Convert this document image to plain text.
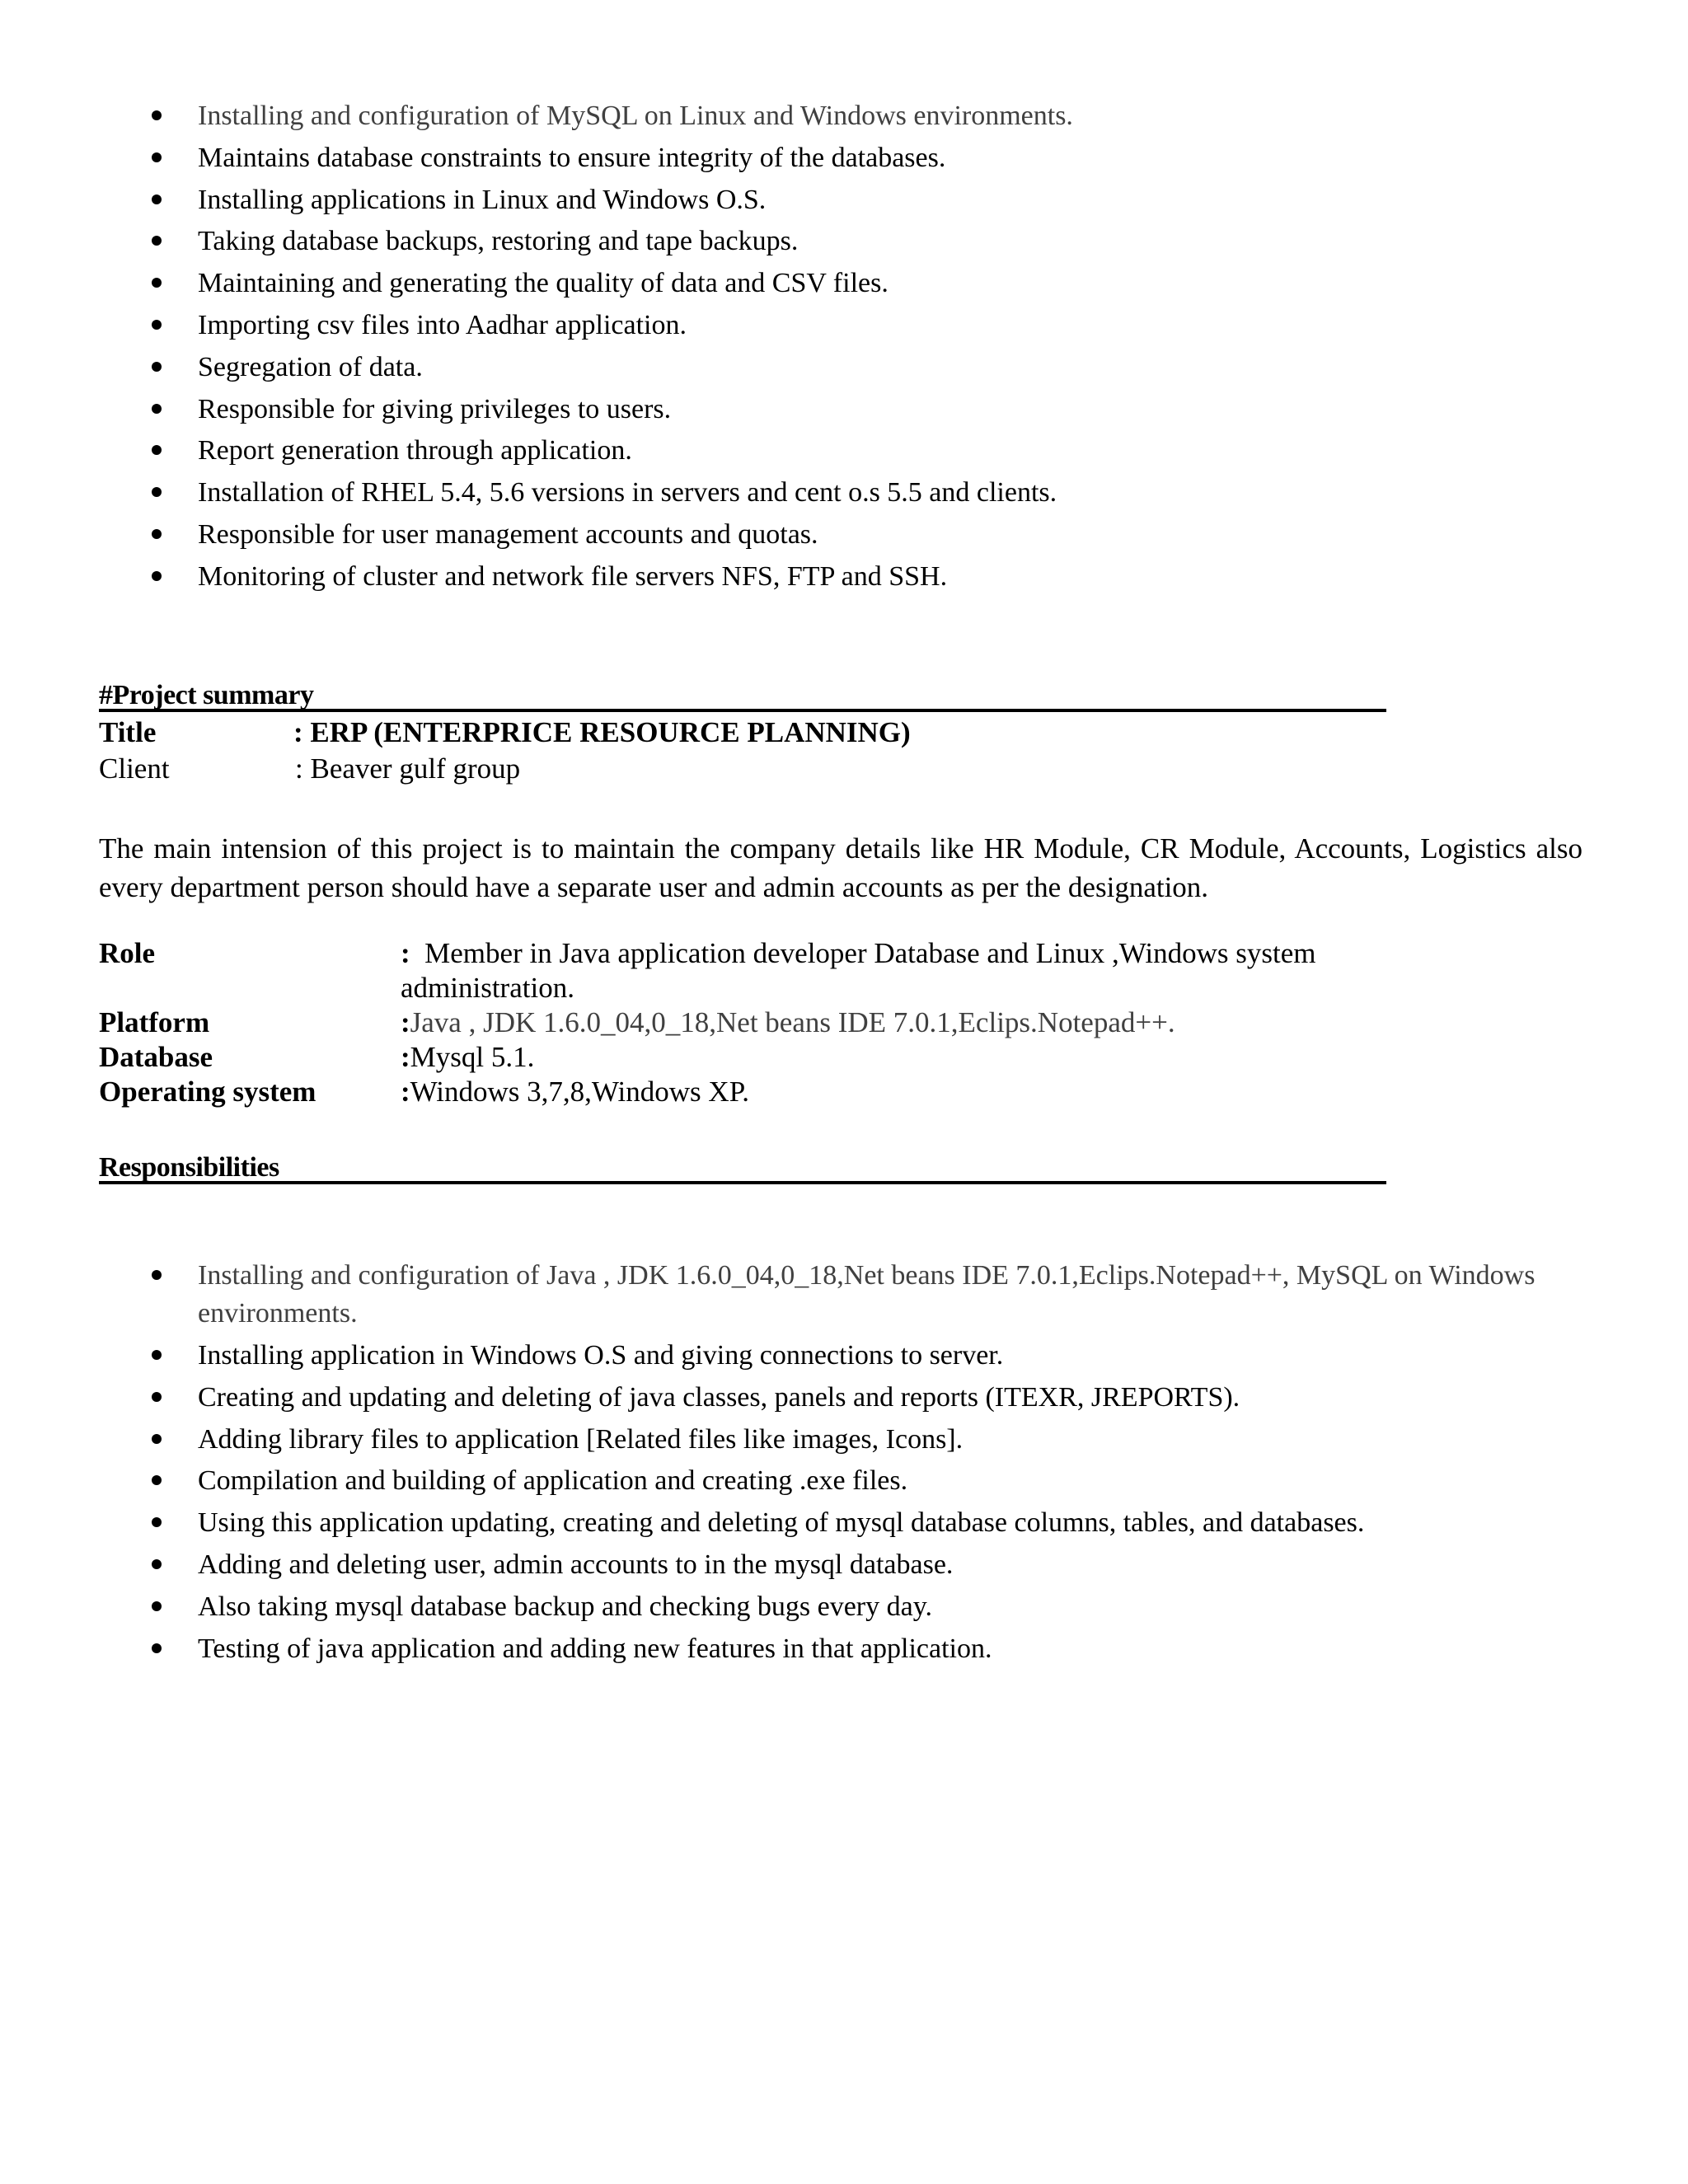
Installing and configuration of MySQL on Linux and Windows environments.
Maintains database constraints to ensure integrity of the databases.
Installing applications in Linux and Windows O.S.
Taking database backups, restoring and tape backups.
Maintaining and generating the quality of data and CSV files.
Importing csv files into Aadhar application.
Segregation of data.
Responsible for giving privileges to users.
Report generation through application.
Installation of RHEL 5.4, 5.6 versions in servers and cent o.s 5.5 and clients.
Responsible for user management accounts and quotas.
Monitoring of cluster and network file servers NFS, FTP and SSH.
#Project summary
Title	: ERP (ENTERPRICE RESOURCE PLANNING)
Client	: Beaver gulf group
The main intension of this project is to maintain the company details like HR Module, CR Module, Accounts, Logistics also every department person should have a separate user and admin accounts as per the designation.
Role	: Member in Java application developer Database and Linux ,Windows system
administration.
Platform	:Java , JDK 1.6.0_04,0_18,Net beans IDE 7.0.1,Eclips.Notepad++.
Database	:Mysql 5.1.
Operating system	:Windows 3,7,8,Windows XP.
Responsibilities
Installing and configuration of Java , JDK 1.6.0_04,0_18,Net beans IDE 7.0.1,Eclips.Notepad++, MySQL on Windows environments.
Installing application in Windows O.S and giving connections to server.
Creating and updating and deleting of java classes, panels and reports (ITEXR, JREPORTS).
Adding library files to application [Related files like images, Icons].
Compilation and building of application and creating .exe files.
Using this application updating, creating and deleting of mysql database columns, tables, and databases.
Adding and deleting user, admin accounts to in the mysql database.
Also taking mysql database backup and checking bugs every day.
Testing of java application and adding new features in that application.
